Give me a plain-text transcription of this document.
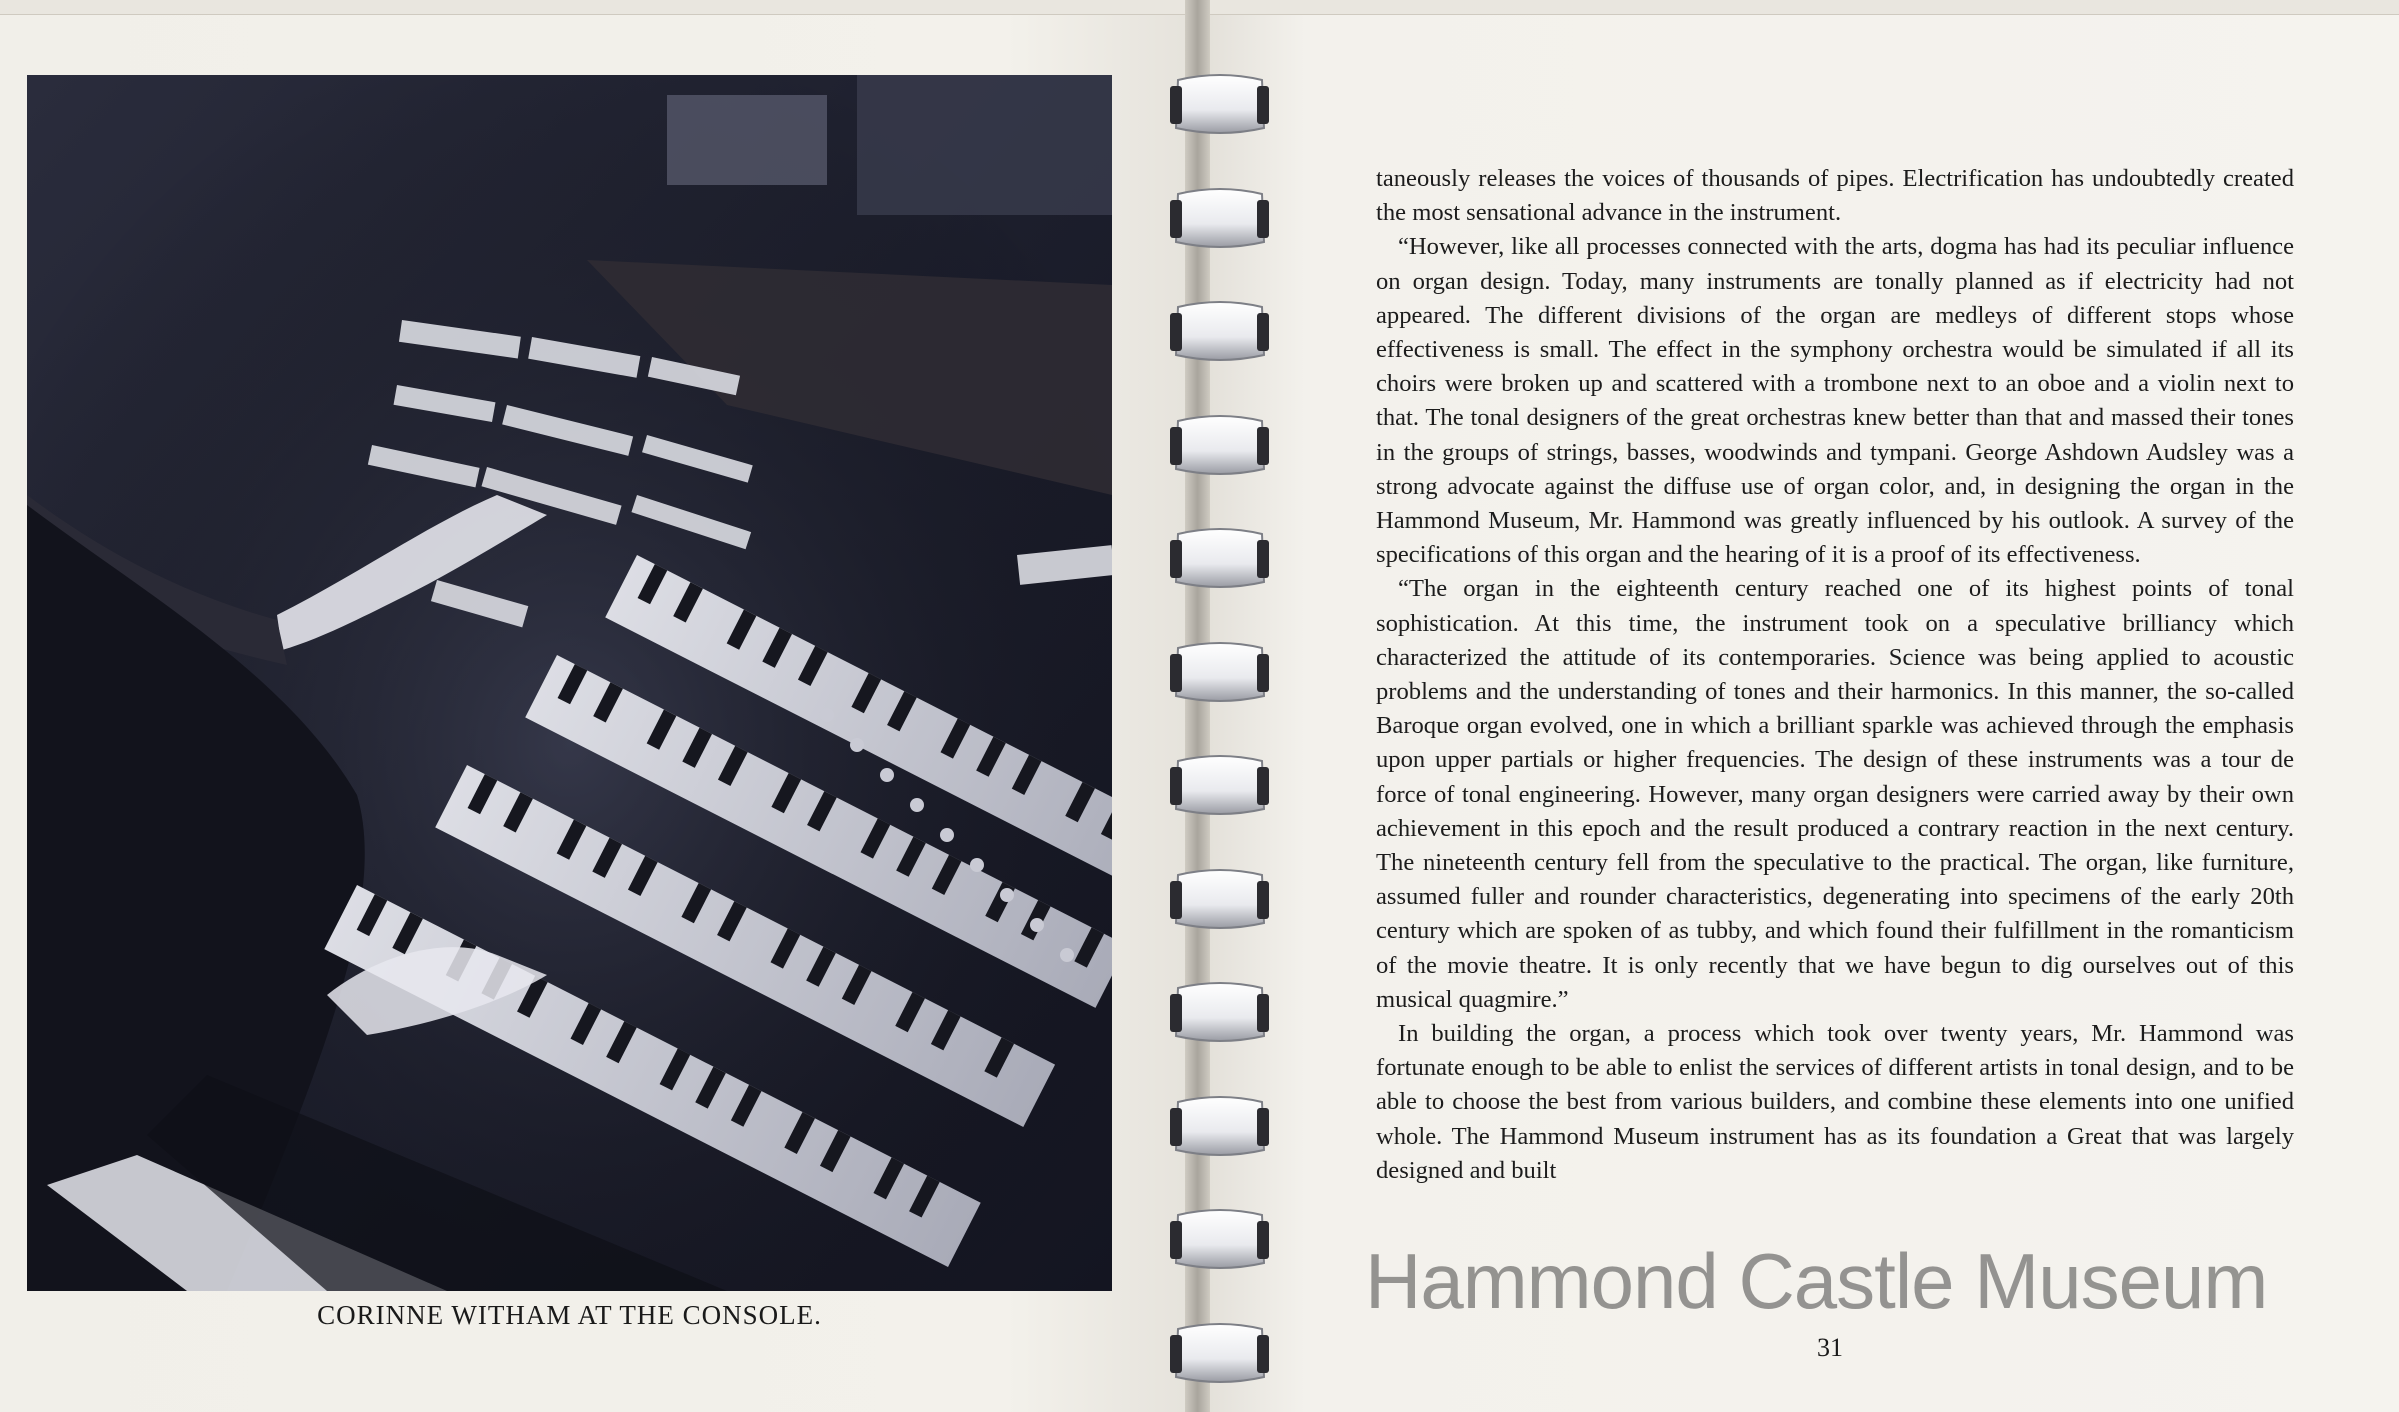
CORINNE WITHAM AT THE CONSOLE.

taneously releases the voices of thousands of pipes. Electrification has undoubtedly created the most sensational advance in the instrument.

“However, like all processes connected with the arts, dogma has had its peculiar influence on organ design. Today, many instruments are tonally planned as if electricity had not appeared. The different divisions of the organ are medleys of different stops whose effectiveness is small. The effect in the symphony orchestra would be simulated if all its choirs were broken up and scattered with a trombone next to an oboe and a violin next to that. The tonal designers of the great orchestras knew better than that and massed their tones in the groups of strings, basses, woodwinds and tympani. George Ashdown Audsley was a strong advocate against the diffuse use of organ color, and, in designing the organ in the Hammond Museum, Mr. Hammond was greatly influenced by his outlook. A survey of the specifications of this organ and the hearing of it is a proof of its effectiveness.

“The organ in the eighteenth century reached one of its highest points of tonal sophistication. At this time, the instrument took on a speculative brilliancy which characterized the attitude of its contemporaries. Science was being applied to acoustic problems and the understanding of tones and their harmonics. In this manner, the so-called Baroque organ evolved, one in which a brilliant sparkle was achieved through the emphasis upon upper partials or higher frequencies. The design of these instruments was a tour de force of tonal engineering. However, many organ designers were carried away by their own achievement in this epoch and the result produced a contrary reaction in the next century. The nineteenth century fell from the speculative to the practical. The organ, like furniture, assumed fuller and rounder characteristics, degenerating into specimens of the early 20th century which are spoken of as tubby, and which found their fulfillment in the romanticism of the movie theatre. It is only recently that we have begun to dig ourselves out of this musical quagmire.”

In building the organ, a process which took over twenty years, Mr. Hammond was fortunate enough to be able to enlist the services of different artists in tonal design, and to be able to choose the best from various builders, and combine these elements into one unified whole. The Hammond Museum instrument has as its foundation a Great that was largely designed and built

Hammond Castle Museum
31
